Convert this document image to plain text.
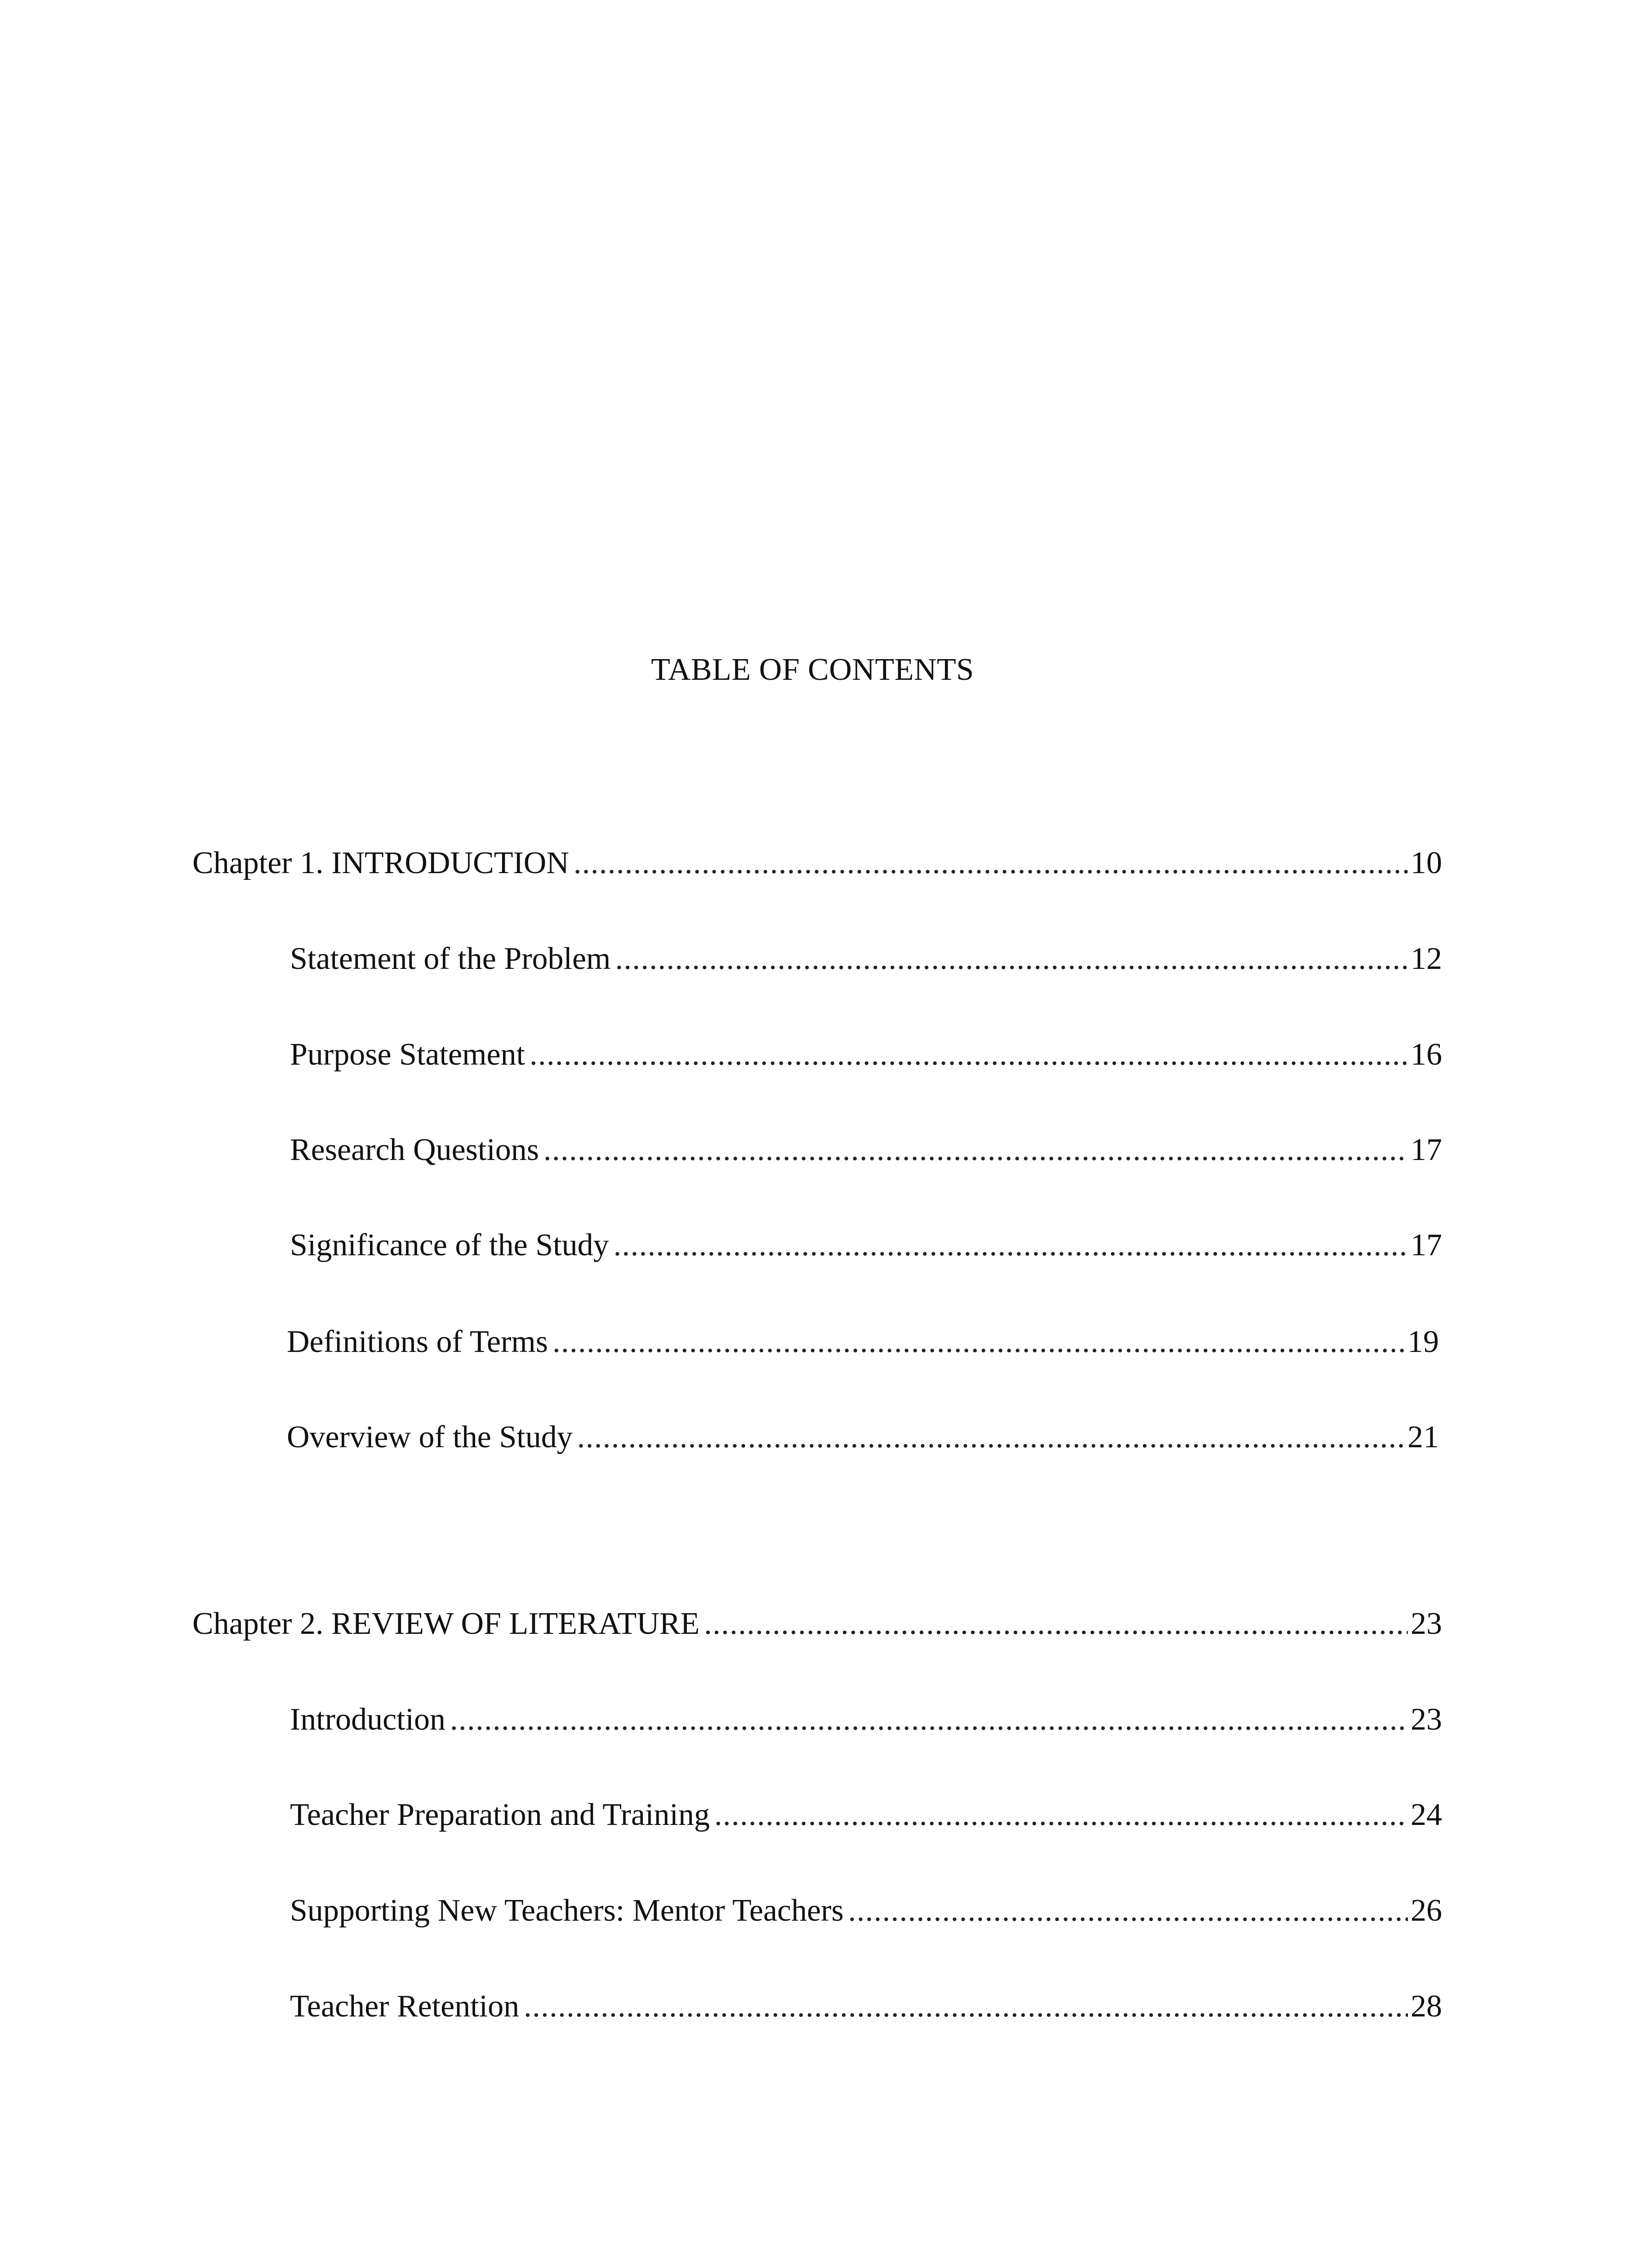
TABLE OF CONTENTS
Chapter 1. INTRODUCTION . . .	10
Statement of the Problem . . .	12
Purpose Statement . . .	16
Research Questions . . .	17
Significance of the Study . . .	17
Definitions of Terms . . .	19
Overview of the Study . . .	21
Chapter 2. REVIEW OF LITERATURE . . .	23
Introduction . . .	23
Teacher Preparation and Training . . .	24
Supporting New Teachers: Mentor Teachers . . .	26
Teacher Retention . . .	28
